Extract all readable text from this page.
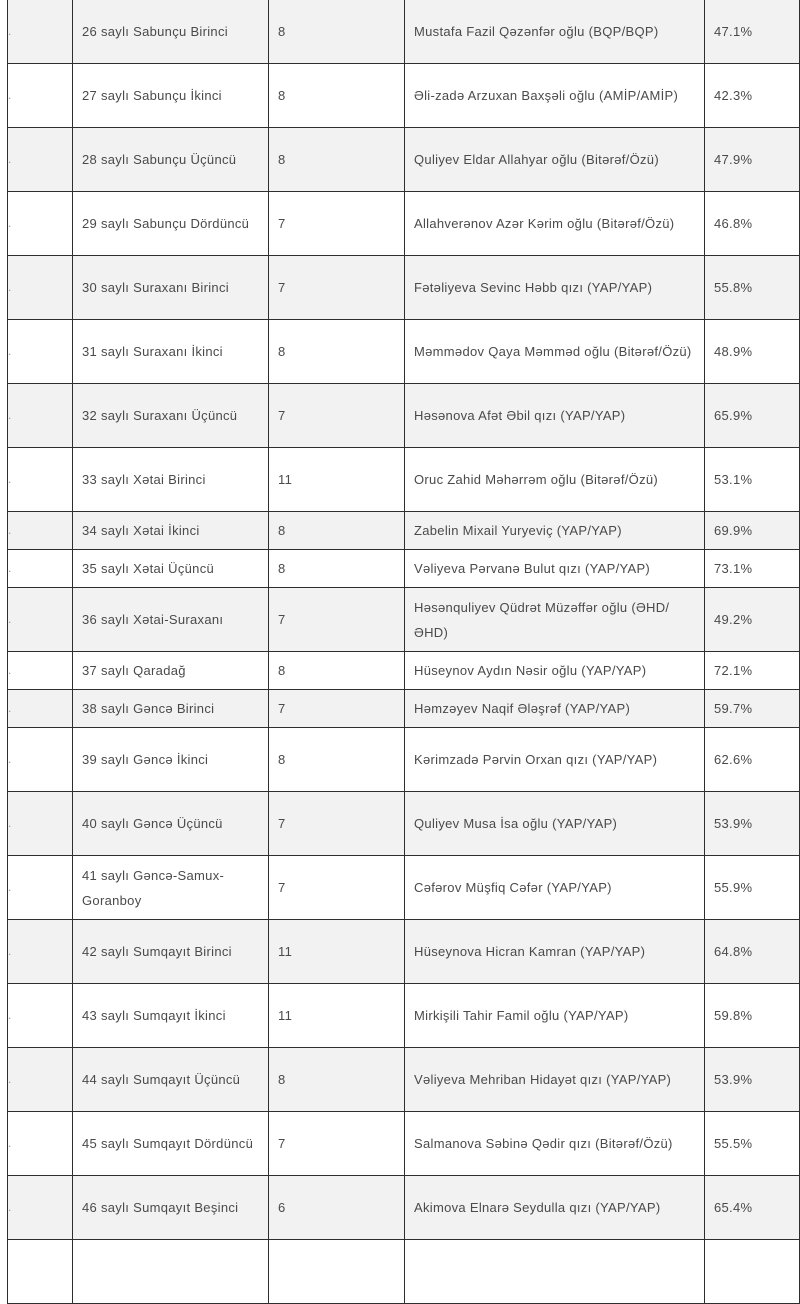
.	26 saylı Sabunçu Birinci	8	Mustafa Fazil Qəzənfər oğlu (BQP/BQP)	47.1%
.	27 saylı Sabunçu İkinci	8	Əli-zadə Arzuxan Baxşəli oğlu (AMİP/AMİP)	42.3%
.	28 saylı Sabunçu Üçüncü	8	Quliyev Eldar Allahyar oğlu (Bitərəf/Özü)	47.9%
.	29 saylı Sabunçu Dördüncü	7	Allahverənov Azər Kərim oğlu (Bitərəf/Özü)	46.8%
.	30 saylı Suraxanı Birinci	7	Fətəliyeva Sevinc Həbb qızı (YAP/YAP)	55.8%
.	31 saylı Suraxanı İkinci	8	Məmmədov Qaya Məmməd oğlu (Bitərəf/Özü)	48.9%
.	32 saylı Suraxanı Üçüncü	7	Həsənova Afət Əbil qızı (YAP/YAP)	65.9%
.	33 saylı Xətai Birinci	11	Oruc Zahid Məhərrəm oğlu (Bitərəf/Özü)	53.1%
.	34 saylı Xətai İkinci	8	Zabelin Mixail Yuryeviç (YAP/YAP)	69.9%
.	35 saylı Xətai Üçüncü	8	Vəliyeva Pərvanə Bulut qızı (YAP/YAP)	73.1%
.	36 saylı Xətai-Suraxanı	7	Həsənquliyev Qüdrət Müzəffər oğlu (ƏHD/ƏHD)	49.2%
.	37 saylı Qaradağ	8	Hüseynov Aydın Nəsir oğlu (YAP/YAP)	72.1%
.	38 saylı Gəncə Birinci	7	Həmzəyev Naqif Ələşrəf (YAP/YAP)	59.7%
.	39 saylı Gəncə İkinci	8	Kərimzadə Pərvin Orxan qızı (YAP/YAP)	62.6%
.	40 saylı Gəncə Üçüncü	7	Quliyev Musa İsa oğlu (YAP/YAP)	53.9%
.	41 saylı Gəncə-Samux-Goranboy	7	Cəfərov Müşfiq Cəfər (YAP/YAP)	55.9%
.	42 saylı Sumqayıt Birinci	11	Hüseynova Hicran Kamran (YAP/YAP)	64.8%
.	43 saylı Sumqayıt İkinci	11	Mirkişili Tahir Famil oğlu (YAP/YAP)	59.8%
.	44 saylı Sumqayıt Üçüncü	8	Vəliyeva Mehriban Hidayət qızı (YAP/YAP)	53.9%
.	45 saylı Sumqayıt Dördüncü	7	Salmanova Səbinə Qədir qızı (Bitərəf/Özü)	55.5%
.	46 saylı Sumqayıt Beşinci	6	Akimova Elnarə Seydulla qızı (YAP/YAP)	65.4%
